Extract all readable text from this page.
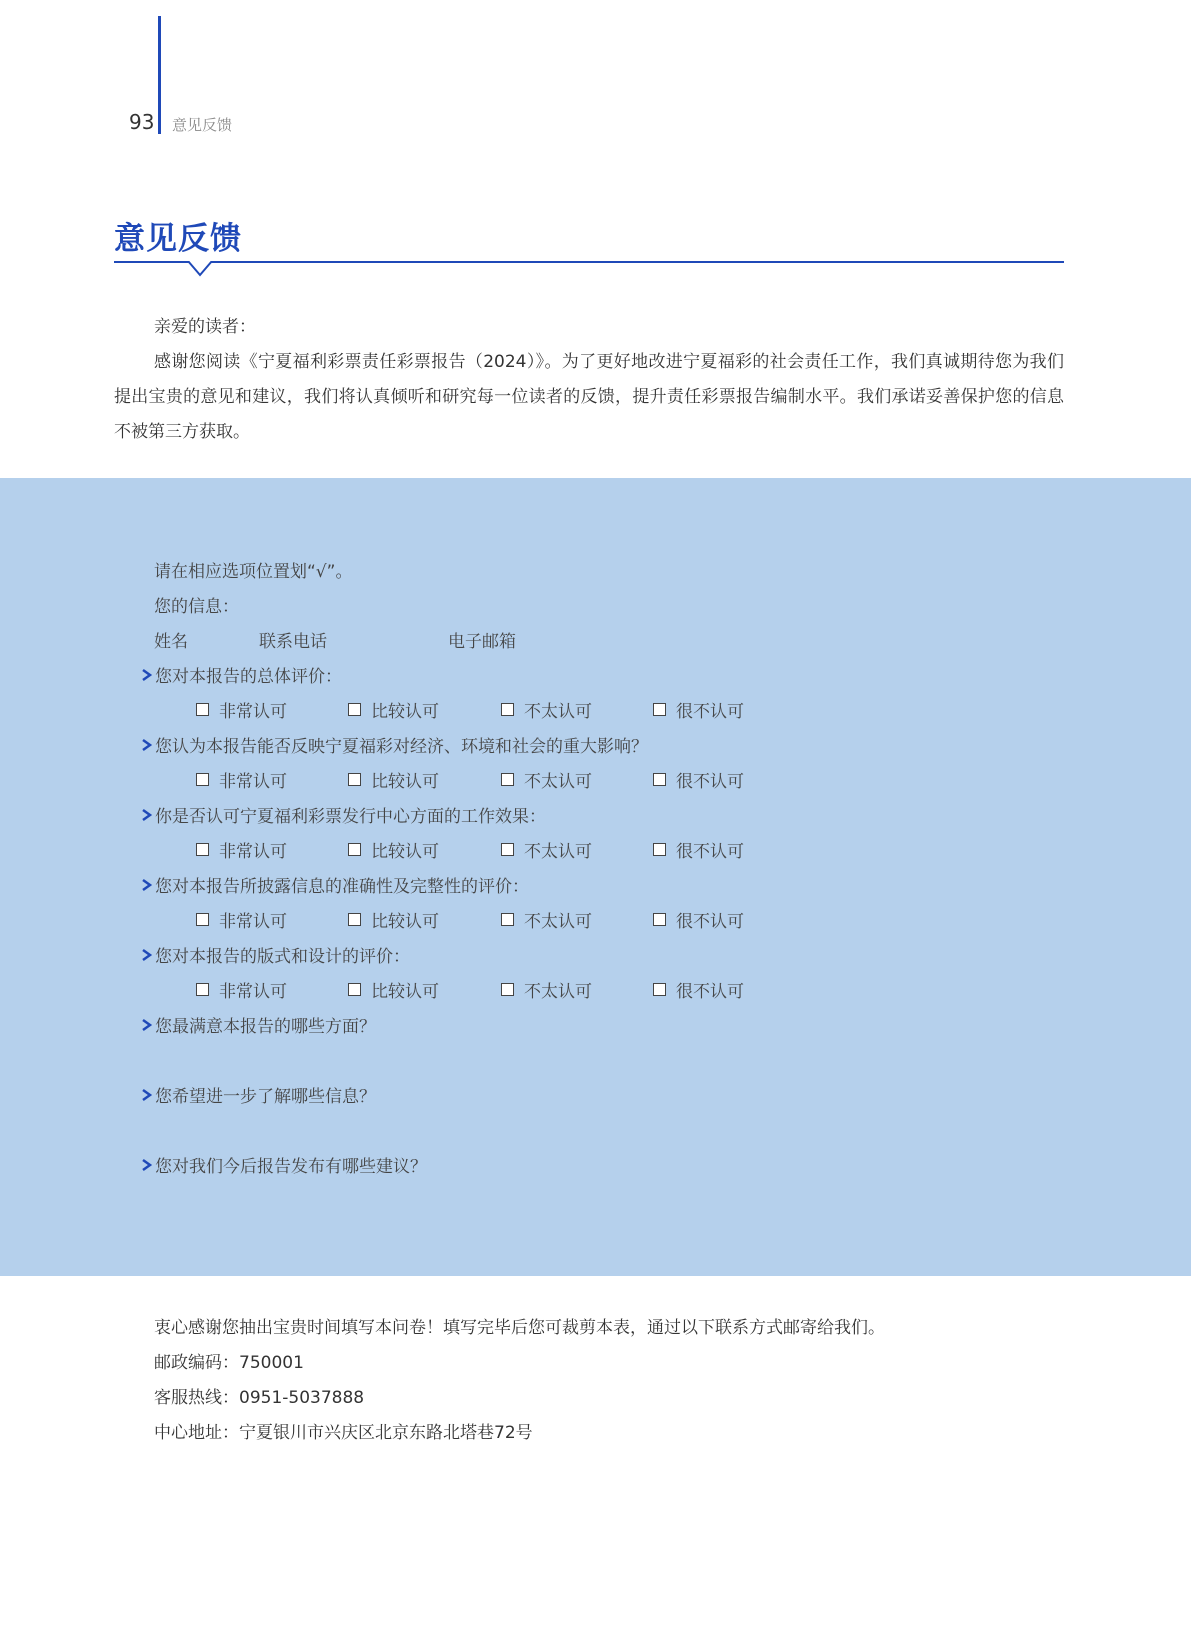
93 意见反馈
意见反馈

亲爱的读者：

感谢您阅读《宁夏福利彩票责任彩票报告（2024）》。为了更好地改进宁夏福彩的社会责任工作，我们真诚期待您为我们提出宝贵的意见和建议，我们将认真倾听和研究每一位读者的反馈，提升责任彩票报告编制水平。我们承诺妥善保护您的信息不被第三方获取。

请在相应选项位置划“√”。
您的信息：
姓名	联系电话	电子邮箱
您对本报告的总体评价：
非常认可	比较认可	不太认可	很不认可
您认为本报告能否反映宁夏福彩对经济、环境和社会的重大影响？
非常认可	比较认可	不太认可	很不认可
你是否认可宁夏福利彩票发行中心方面的工作效果：
非常认可	比较认可	不太认可	很不认可
您对本报告所披露信息的准确性及完整性的评价：
非常认可	比较认可	不太认可	很不认可
您对本报告的版式和设计的评价：
非常认可	比较认可	不太认可	很不认可
您最满意本报告的哪些方面？
您希望进一步了解哪些信息？
您对我们今后报告发布有哪些建议？

衷心感谢您抽出宝贵时间填写本问卷！填写完毕后您可裁剪本表，通过以下联系方式邮寄给我们。

邮政编码：750001

客服热线：0951-5037888

中心地址：宁夏银川市兴庆区北京东路北塔巷72号
